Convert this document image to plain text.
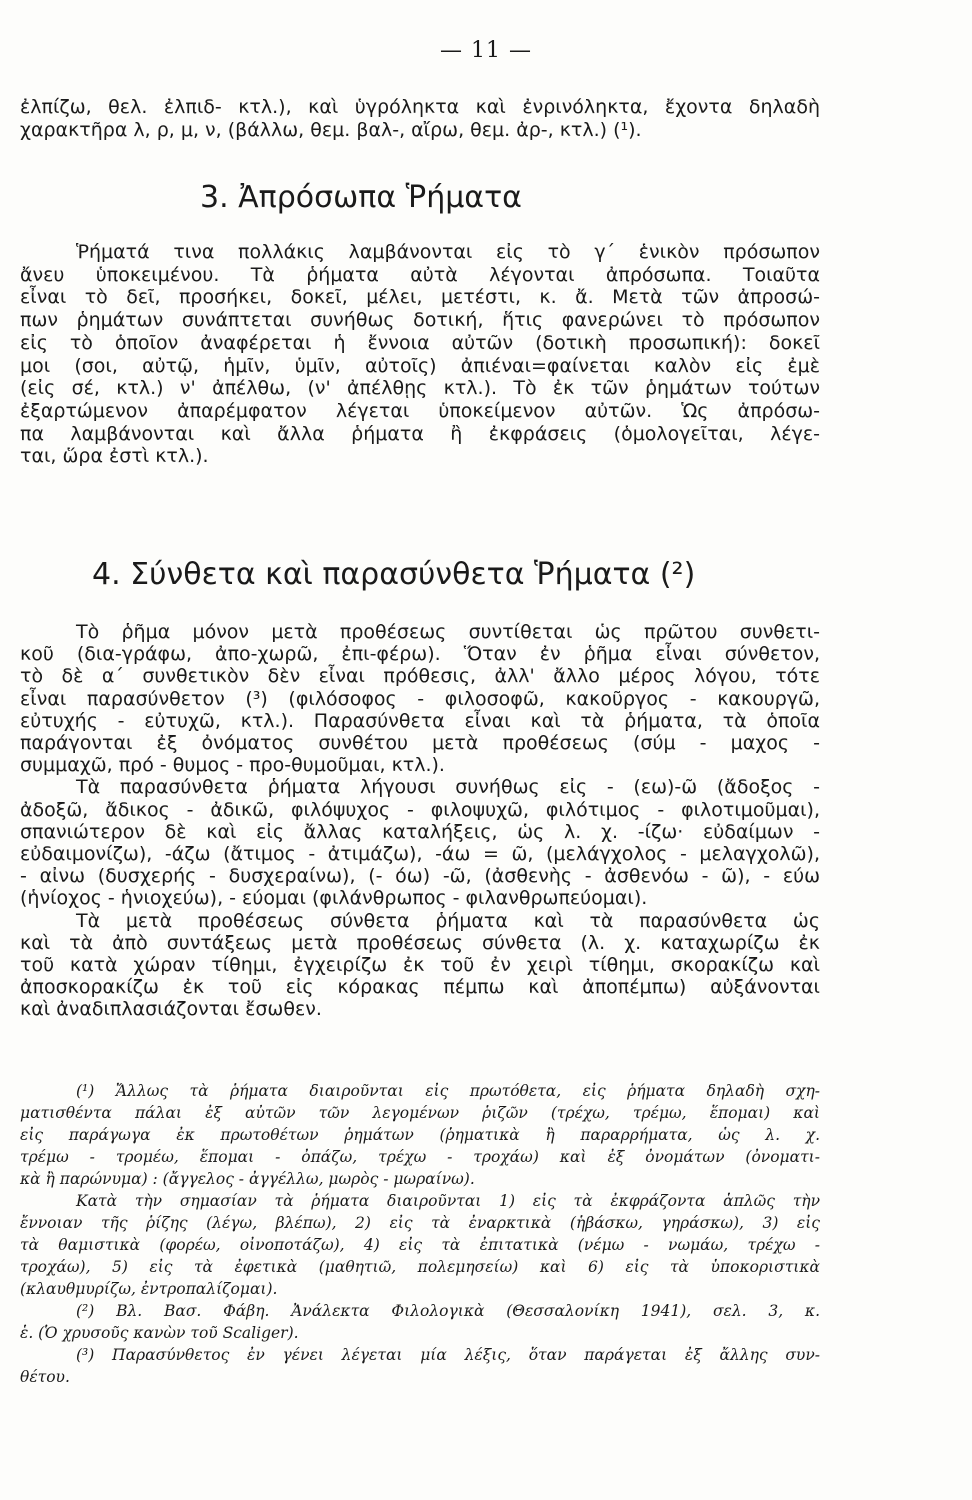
— 11 —
ἐλπίζω, θελ. ἐλπιδ- κτλ.), καὶ ὑγρόληκτα καὶ ἐνρινόληκτα, ἔχοντα δηλαδὴ
χαρακτῆρα λ, ρ, μ, ν, (βάλλω, θεμ. βαλ-, αἴρω, θεμ. ἀρ-, κτλ.) (¹).
3. Ἀπρόσωπα Ῥήματα
Ῥήματά τινα πολλάκις λαμβάνονται εἰς τὸ γ´ ἑνικὸν πρόσωπον
ἄνευ ὑποκειμένου. Τὰ ῥήματα αὐτὰ λέγονται ἀπρόσωπα. Τοιαῦτα
εἶναι τὸ δεῖ, προσήκει, δοκεῖ, μέλει, μετέστι, κ. ἄ. Μετὰ τῶν ἀπροσώ-
πων ῥημάτων συνάπτεται συνήθως δοτική, ἥτις φανερώνει τὸ πρόσωπον
εἰς τὸ ὁποῖον ἀναφέρεται ἡ ἔννοια αὐτῶν (δοτικὴ προσωπική): δοκεῖ
μοι (σοι, αὐτῷ, ἡμῖν, ὑμῖν, αὐτοῖς) ἀπιέναι=φαίνεται καλὸν εἰς ἐμὲ
(εἰς σέ, κτλ.) ν' ἀπέλθω, (ν' ἀπέλθῃς κτλ.). Τὸ ἐκ τῶν ῥημάτων τούτων
ἐξαρτώμενον ἀπαρέμφατον λέγεται ὑποκείμενον αὐτῶν. Ὡς ἀπρόσω-
πα λαμβάνονται καὶ ἄλλα ῥήματα ἢ ἐκφράσεις (ὁμολογεῖται, λέγε-
ται, ὥρα ἐστὶ κτλ.).
4. Σύνθετα καὶ παρασύνθετα Ῥήματα (²)
Τὸ ῥῆμα μόνον μετὰ προθέσεως συντίθεται ὡς πρῶτου συνθετι-
κοῦ (δια-γράφω, ἀπο-χωρῶ, ἐπι-φέρω). Ὅταν ἐν ῥῆμα εἶναι σύνθετον,
τὸ δὲ α´ συνθετικὸν δὲν εἶναι πρόθεσις, ἀλλ' ἄλλο μέρος λόγου, τότε
εἶναι παρασύνθετον (³) (φιλόσοφος - φιλοσοφῶ, κακοῦργος - κακουργῶ,
εὐτυχής - εὐτυχῶ, κτλ.). Παρασύνθετα εἶναι καὶ τὰ ῥήματα, τὰ ὁποῖα
παράγονται ἐξ ὀνόματος συνθέτου μετὰ προθέσεως (σύμ - μαχος -
συμμαχῶ, πρό - θυμος - προ-θυμοῦμαι, κτλ.).
Τὰ παρασύνθετα ῥήματα λήγουσι συνήθως εἰς - (εω)-ῶ (ἄδοξος -
ἀδοξῶ, ἄδικος - ἀδικῶ, φιλόψυχος - φιλοψυχῶ, φιλότιμος - φιλοτιμοῦμαι),
σπανιώτερον δὲ καὶ εἰς ἄλλας καταλήξεις, ὡς λ. χ. -ίζω· εὐδαίμων -
εὐδαιμονίζω), -άζω (ἄτιμος - ἀτιμάζω), -άω = ῶ, (μελάγχολος - μελαγχολῶ),
- αἰνω (δυσχερής - δυσχεραίνω), (- όω) -ῶ, (ἀσθενὴς - ἀσθενόω - ῶ), - εύω
(ἡνίοχος - ἡνιοχεύω), - εύομαι (φιλάνθρωπος - φιλανθρωπεύομαι).
Τὰ μετὰ προθέσεως σύνθετα ῥήματα καὶ τὰ παρασύνθετα ὡς
καὶ τὰ ἀπὸ συντάξεως μετὰ προθέσεως σύνθετα (λ. χ. καταχωρίζω ἐκ
τοῦ κατὰ χώραν τίθημι, ἐγχειρίζω ἐκ τοῦ ἐν χειρὶ τίθημι, σκορακίζω καὶ
ἀποσκορακίζω ἐκ τοῦ εἰς κόρακας πέμπω καὶ ἀποπέμπω) αὐξάνονται
καὶ ἀναδιπλασιάζονται ἔσωθεν.
(¹) Ἄλλως τὰ ῥήματα διαιροῦνται εἰς πρωτόθετα, εἰς ῥήματα δηλαδὴ σχη-
ματισθέντα πάλαι ἐξ αὐτῶν τῶν λεγομένων ῥιζῶν (τρέχω, τρέμω, ἕπομαι) καὶ
εἰς παράγωγα ἐκ πρωτοθέτων ῥημάτων (ῥηματικὰ ἢ παραρρήματα, ὡς λ. χ.
τρέμω - τρομέω, ἕπομαι - ὀπάζω, τρέχω - τροχάω) καὶ ἐξ ὀνομάτων (ὀνοματι-
κὰ ἢ παρώνυμα) : (ἄγγελος - ἀγγέλλω, μωρὸς - μωραίνω).
Κατὰ τὴν σημασίαν τὰ ῥήματα διαιροῦνται 1) εἰς τὰ ἐκφράζοντα ἁπλῶς τὴν
ἔννοιαν τῆς ῥίζης (λέγω, βλέπω), 2) εἰς τὰ ἐναρκτικὰ (ἡβάσκω, γηράσκω), 3) εἰς
τὰ θαμιστικὰ (φορέω, οἰνοποτάζω), 4) εἰς τὰ ἐπιτατικὰ (νέμω - νωμάω, τρέχω -
τροχάω), 5) εἰς τὰ ἐφετικὰ (μαθητιῶ, πολεμησείω) καὶ 6) εἰς τὰ ὑποκοριστικὰ
(κλαυθμυρίζω, ἐντροπαλίζομαι).
(²) Βλ. Βασ. Φάβη. Ἀνάλεκτα Φιλολογικὰ (Θεσσαλονίκη 1941), σελ. 3, κ.
ἑ. (Ὁ χρυσοῦς κανὼν τοῦ Scaliger).
(³) Παρασύνθετος ἐν γένει λέγεται μία λέξις, ὅταν παράγεται ἐξ ἄλλης συν-
θέτου.
